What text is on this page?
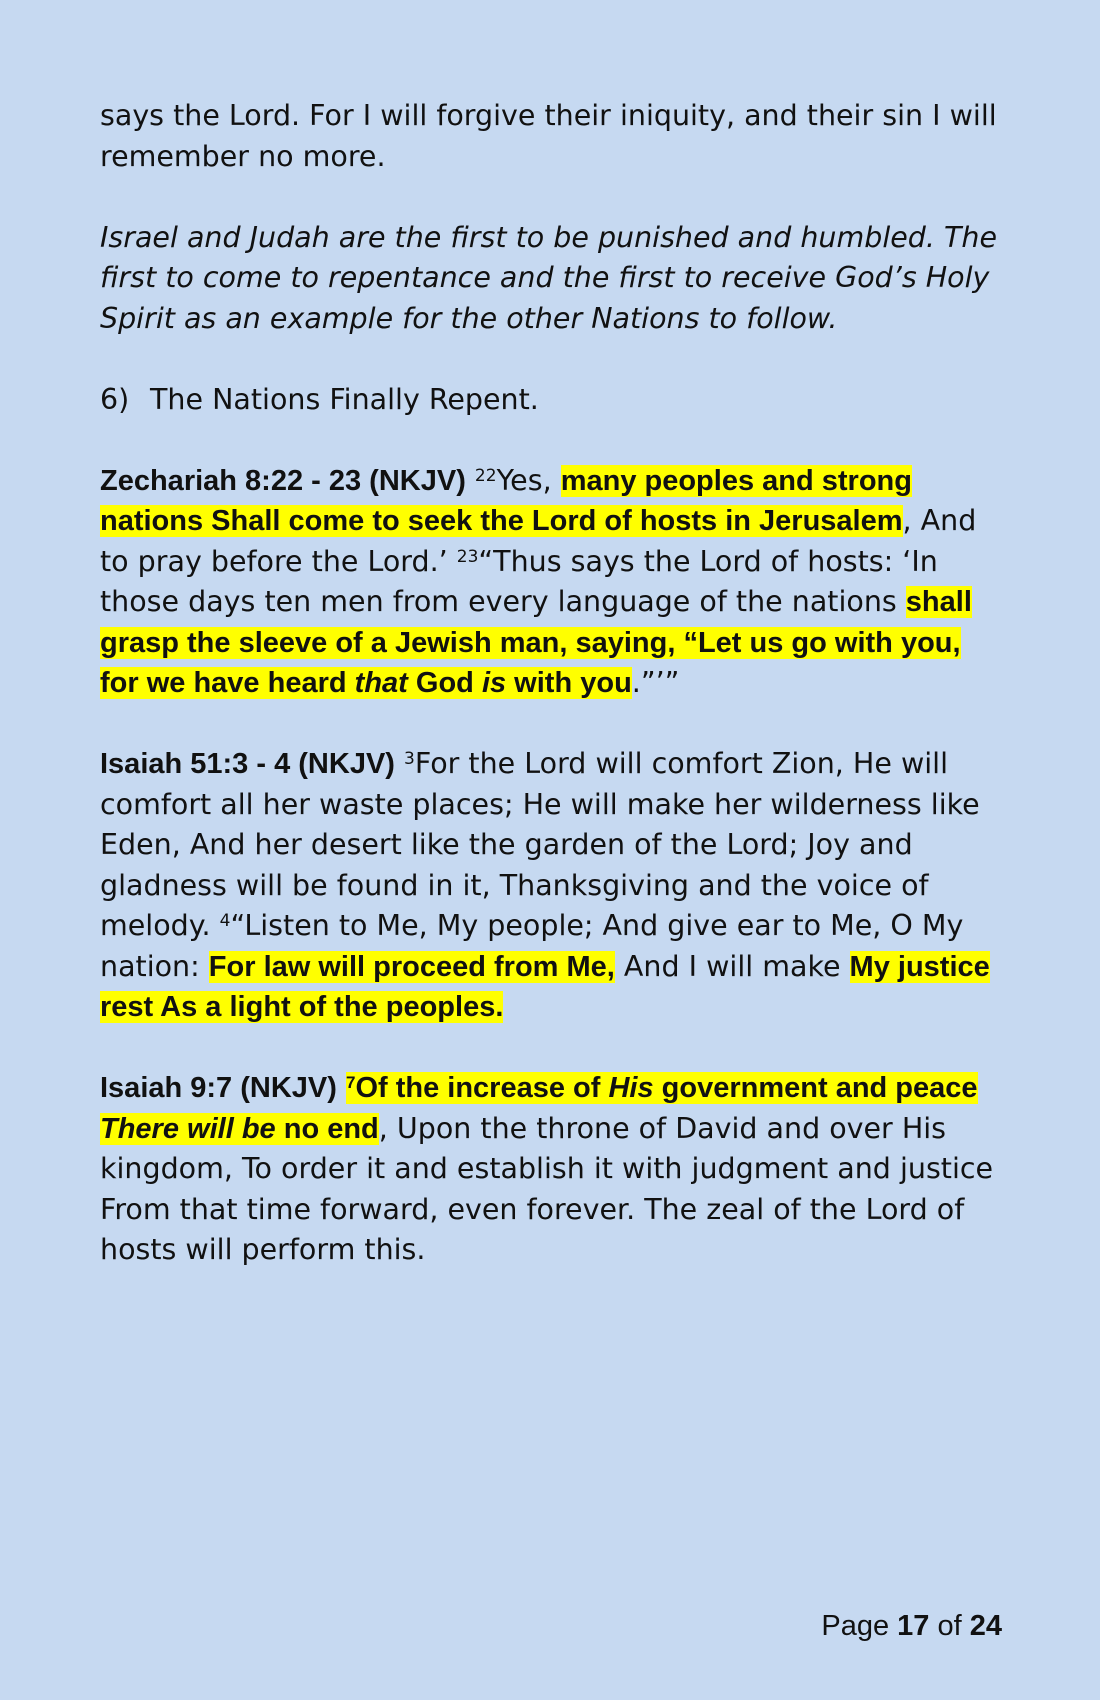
says the Lord. For I will forgive their iniquity, and their sin I will remember no more.

Israel and Judah are the first to be punished and humbled. The first to come to repentance and the first to receive God’s Holy Spirit as an example for the other Nations to follow.

6) The Nations Finally Repent.

Zechariah 8:22 - 23 (NKJV) $^{22}$Yes, many peoples and strong nations Shall come to seek the Lord of hosts in Jerusalem, And to pray before the Lord.’ $^{23}$“Thus says the Lord of hosts: ‘In those days ten men from every language of the nations shall grasp the sleeve of a Jewish man, saying, “Let us go with you, for we have heard that God is with you.”’”

Isaiah 51:3 - 4 (NKJV) $^3$For the Lord will comfort Zion, He will comfort all her waste places; He will make her wilderness like Eden, And her desert like the garden of the Lord; Joy and gladness will be found in it, Thanksgiving and the voice of melody. $^4$“Listen to Me, My people; And give ear to Me, O My nation: For law will proceed from Me, And I will make My justice rest As a light of the peoples.

Isaiah 9:7 (NKJV) $^7$Of the increase of His government and peace There will be no end, Upon the throne of David and over His kingdom, To order it and establish it with judgment and justice From that time forward, even forever. The zeal of the Lord of hosts will perform this.

Page 17 of 24
